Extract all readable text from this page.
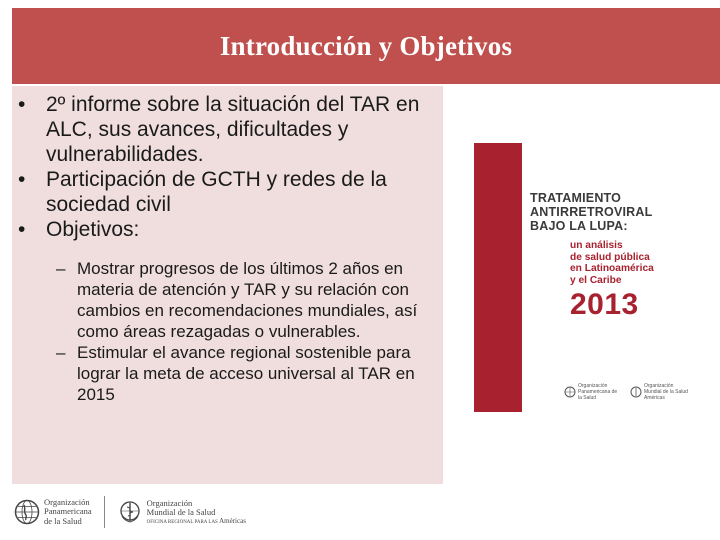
Introducción y Objetivos
• 2º informe sobre la situación del TAR en ALC, sus avances, dificultades y vulnerabilidades.
• Participación de GCTH y redes de la sociedad civil
• Objetivos:
– Mostrar progresos de los últimos 2 años en materia de atención y TAR y su relación con cambios en recomendaciones mundiales, así como áreas rezagadas o vulnerables.
– Estimular el avance regional sostenible para lograr la meta de acceso universal al TAR en 2015
TRATAMIENTO
ANTIRRETROVIRAL
BAJO LA LUPA:
un análisis
de salud pública
en Latinoamérica
y el Caribe
2013
Organización Panamericana de la Salud
Organización Mundial de la Salud Américas
Organización
Panamericana
de la Salud
Organización
Mundial de la Salud
OFICINA REGIONAL PARA LAS Américas
